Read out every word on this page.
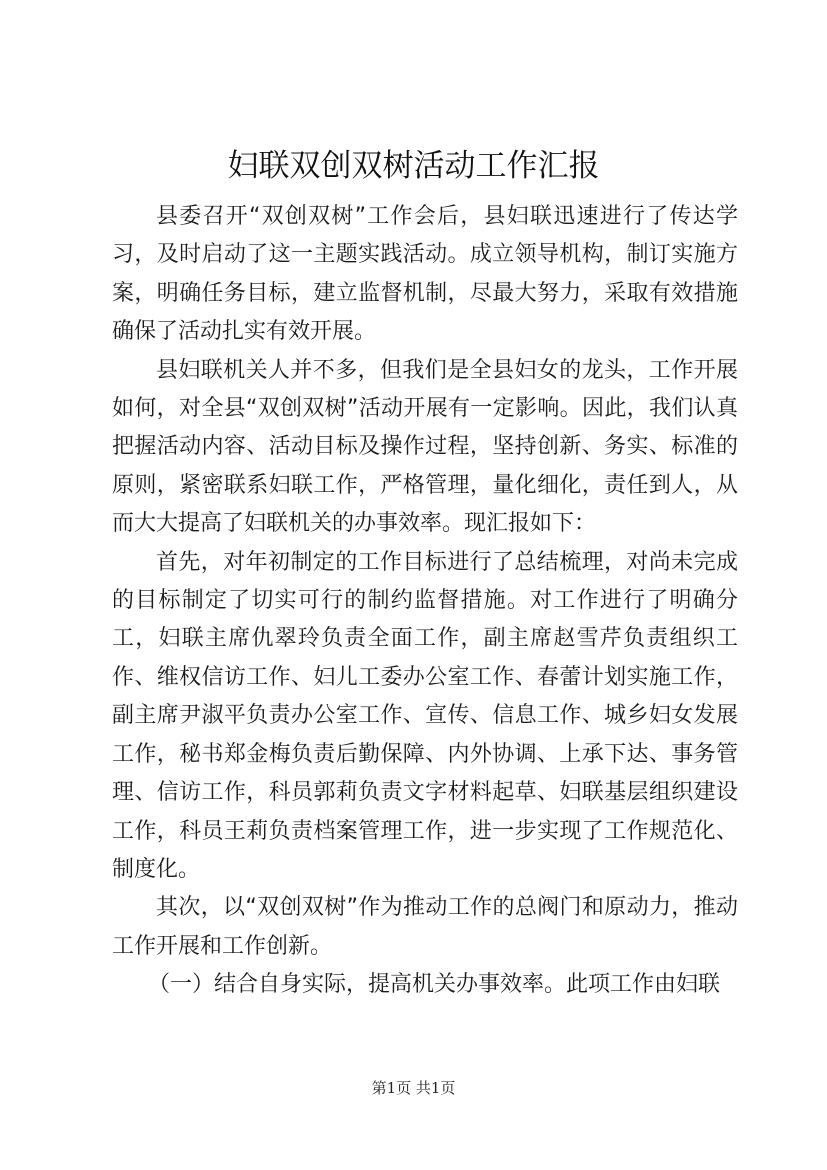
妇联双创双树活动工作汇报

县委召开“双创双树”工作会后，县妇联迅速进行了传达学习，及时启动了这一主题实践活动。成立领导机构，制订实施方案，明确任务目标，建立监督机制，尽最大努力，采取有效措施确保了活动扎实有效开展。

县妇联机关人并不多，但我们是全县妇女的龙头，工作开展如何，对全县“双创双树”活动开展有一定影响。因此，我们认真把握活动内容、活动目标及操作过程，坚持创新、务实、标准的原则，紧密联系妇联工作，严格管理，量化细化，责任到人，从而大大提高了妇联机关的办事效率。现汇报如下：

首先，对年初制定的工作目标进行了总结梳理，对尚未完成的目标制定了切实可行的制约监督措施。对工作进行了明确分工，妇联主席仇翠玲负责全面工作，副主席赵雪芹负责组织工作、维权信访工作、妇儿工委办公室工作、春蕾计划实施工作，副主席尹淑平负责办公室工作、宣传、信息工作、城乡妇女发展工作，秘书郑金梅负责后勤保障、内外协调、上承下达、事务管理、信访工作，科员郭莉负责文字材料起草、妇联基层组织建设工作，科员王莉负责档案管理工作，进一步实现了工作规范化、制度化。

其次，以“双创双树”作为推动工作的总阀门和原动力，推动工作开展和工作创新。

（一）结合自身实际，提高机关办事效率。此项工作由妇联

第1页 共1页
